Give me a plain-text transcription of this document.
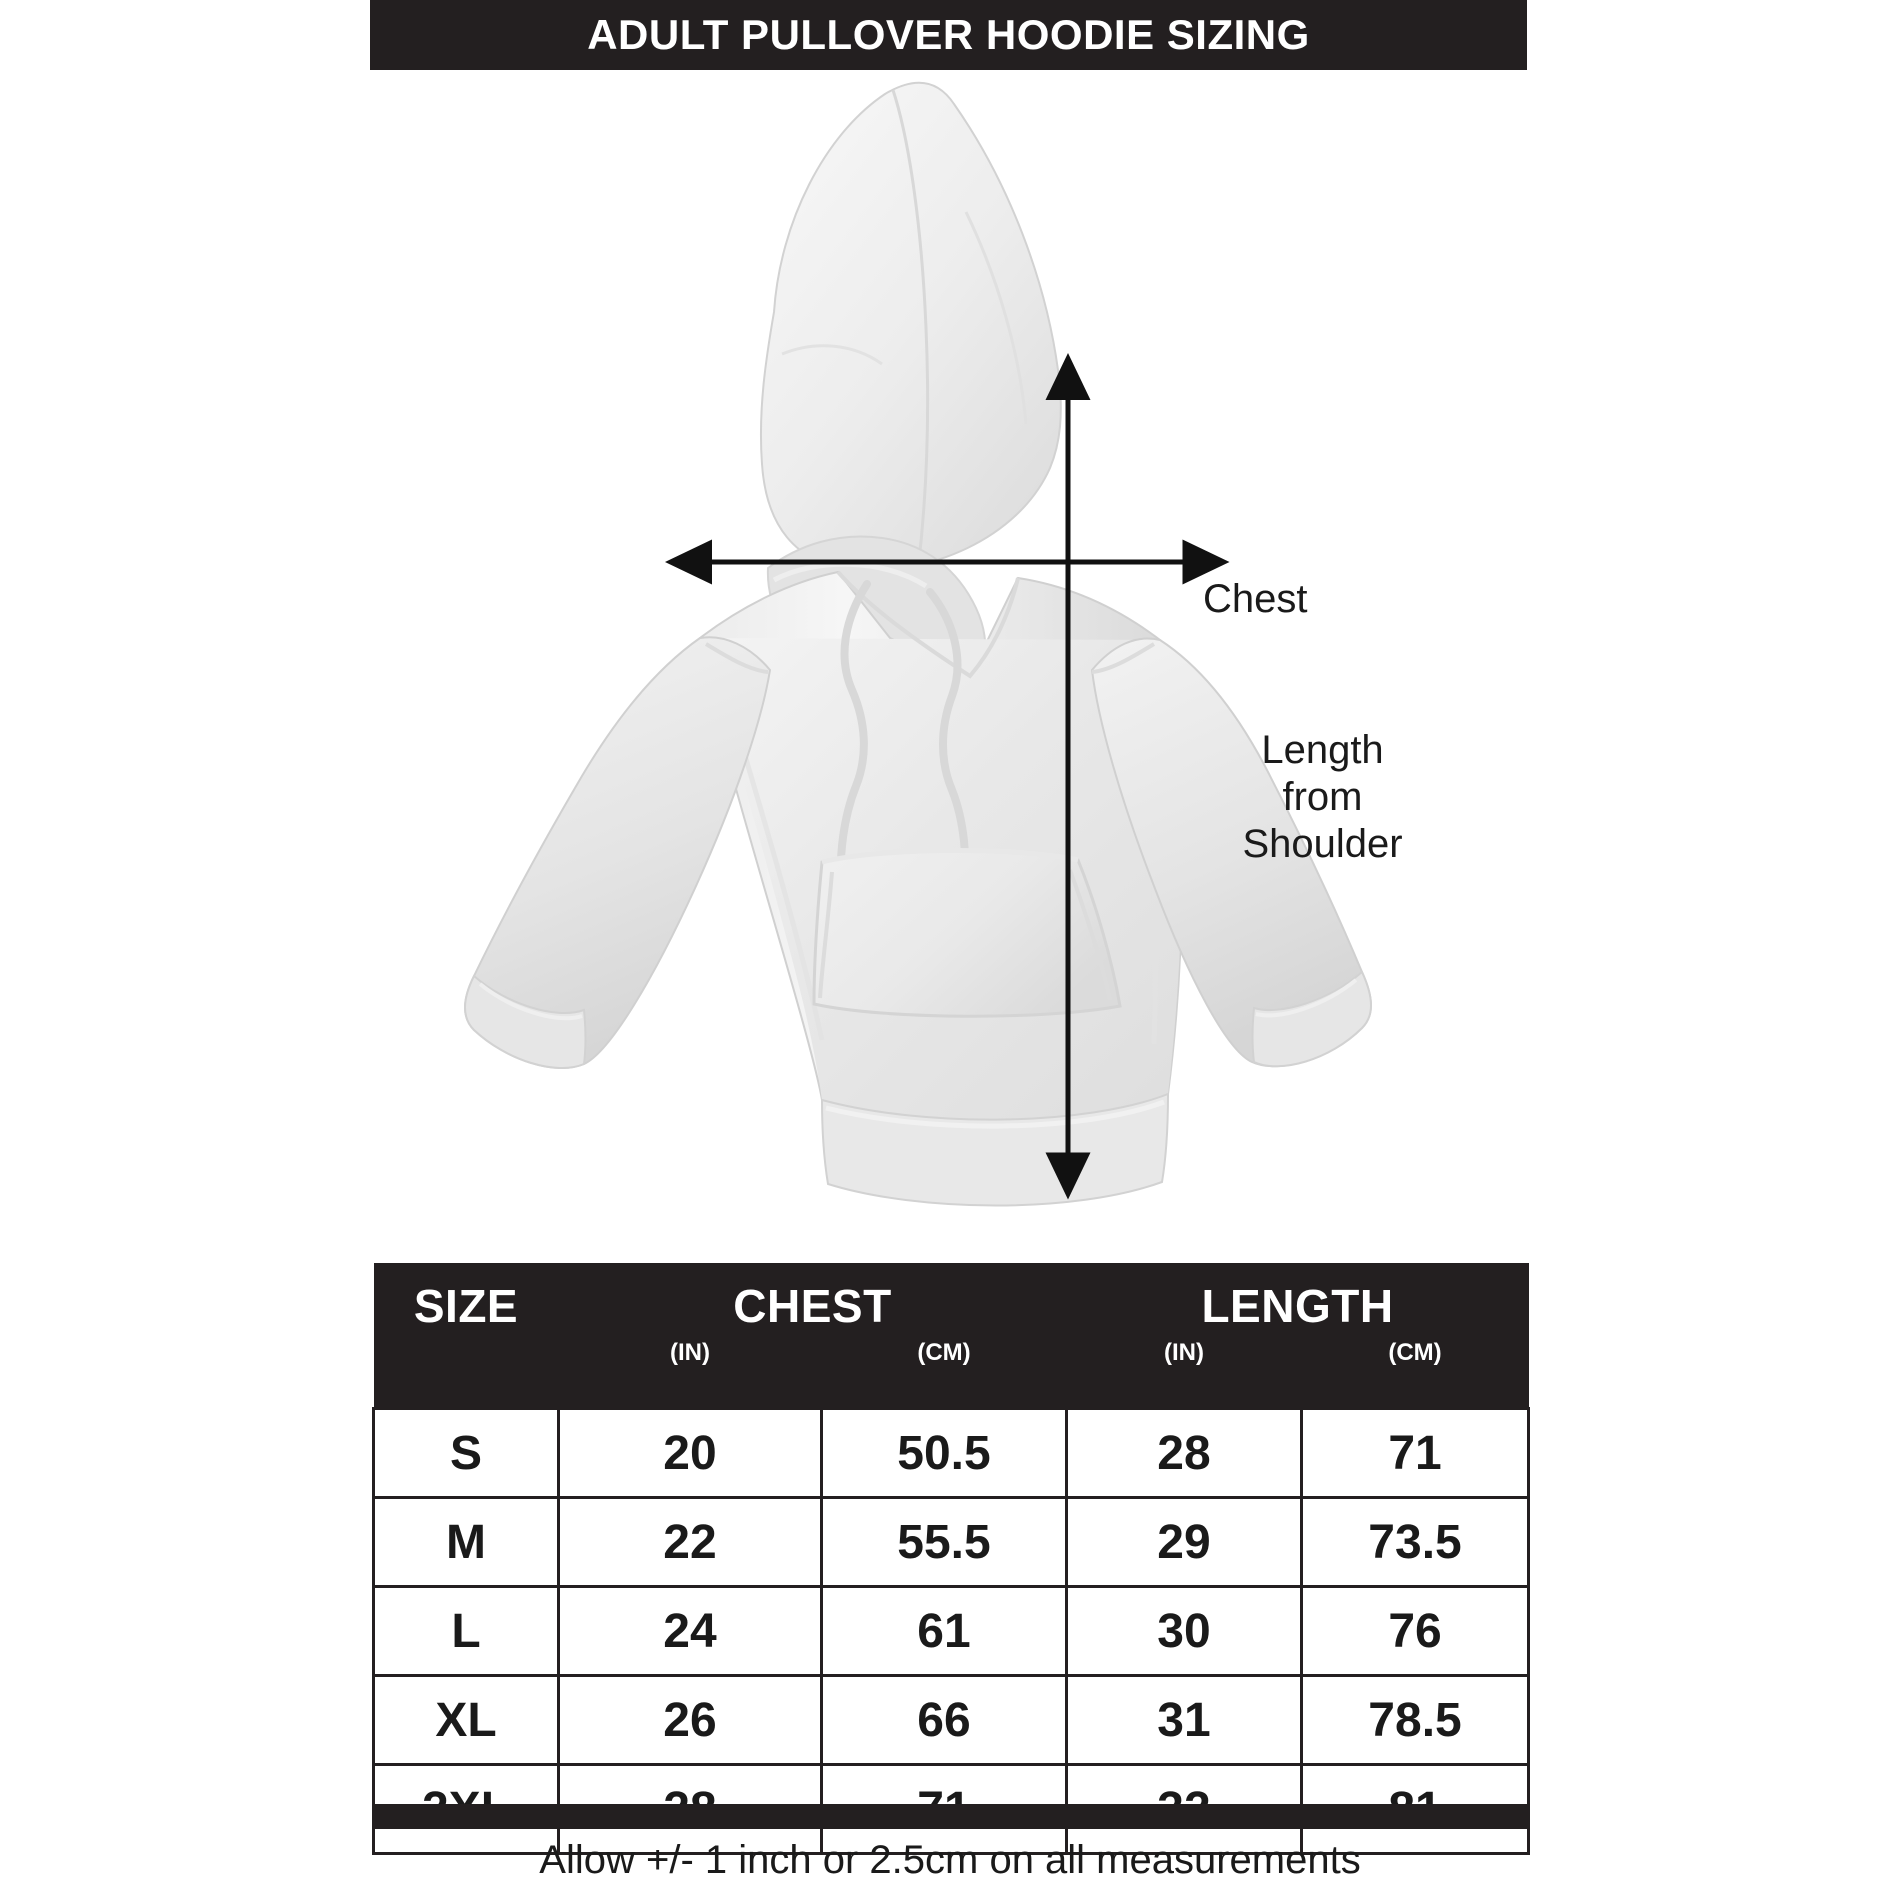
ADULT PULLOVER HOODIE SIZING
Chest
Length
from
Shoulder
SIZE	CHEST		LENGTH	
	(IN)	(CM)	(IN)	(CM)
S	20	50.5	28	71
M	22	55.5	29	73.5
L	24	61	30	76
XL	26	66	31	78.5

Allow +/- 1 inch or 2.5cm on all measurements
